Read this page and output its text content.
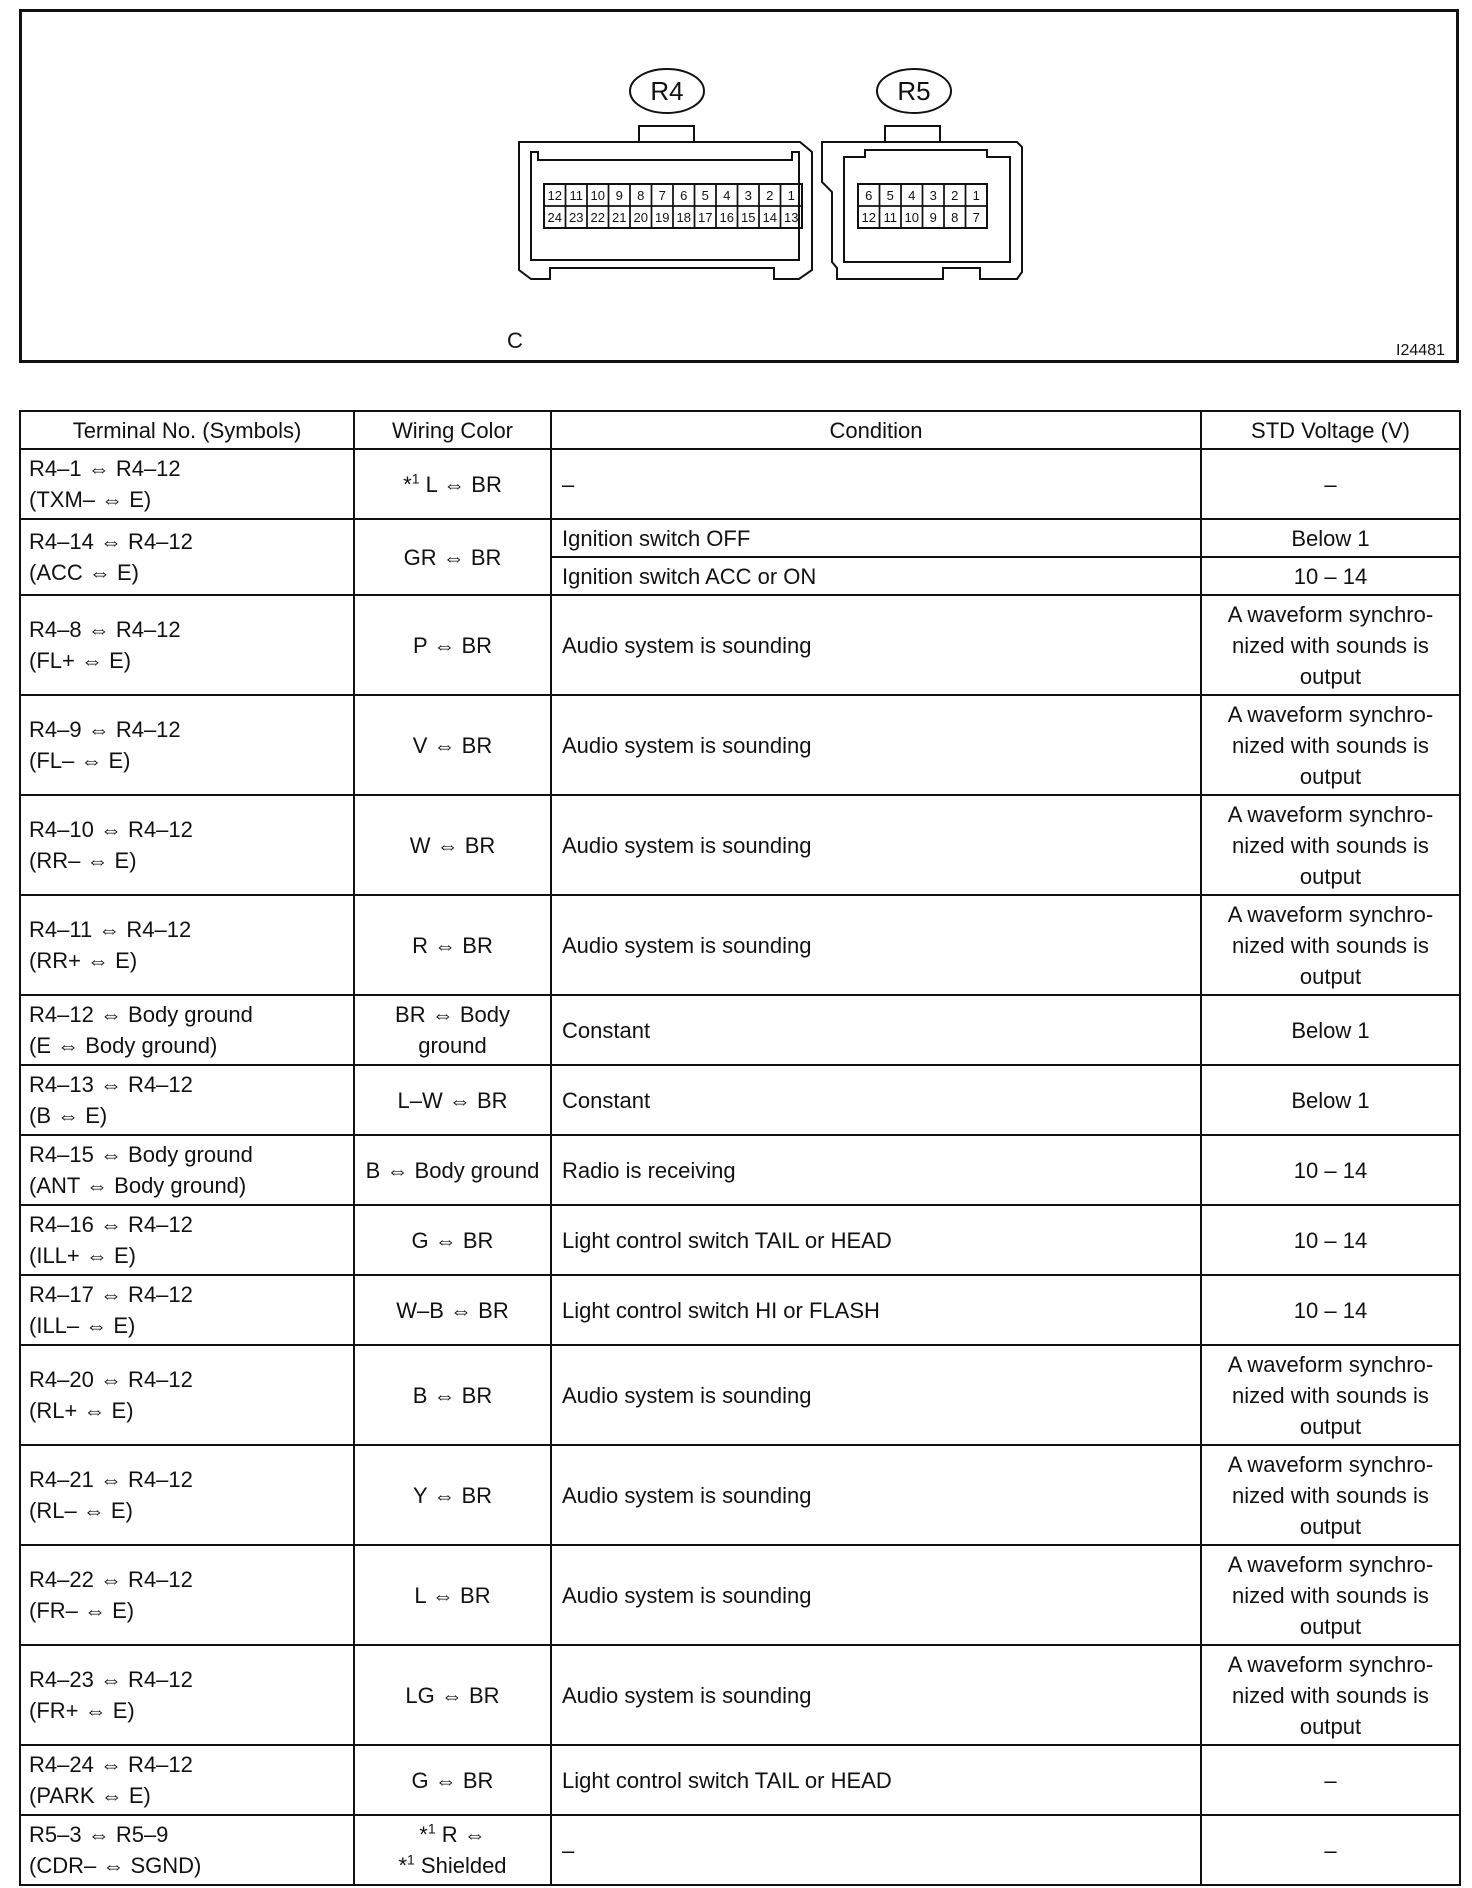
R4
12 11 10 9 8 7 6 5 4 3 2 1
24 23 22 21 20 19 18 17 16 15 14 13
R5
6 5 4 3 2 1
12 11 10 9 8 7
C	I24481
Terminal No. (Symbols)	Wiring Color	Condition	STD Voltage (V)

R4–1 ⇔ R4–12
(TXM– ⇔ E)	*$^1$ L ⇔ BR	–	–

R4–14 ⇔ R4–12
(ACC ⇔ E)	GR ⇔ BR	Ignition switch OFF	Below 1
		Ignition switch ACC or ON	10 – 14

R4–8 ⇔ R4–12
(FL+ ⇔ E)	P ⇔ BR	Audio system is sounding	A waveform synchro-
nized with sounds is
output

R4–9 ⇔ R4–12
(FL– ⇔ E)	V ⇔ BR	Audio system is sounding	A waveform synchro-
nized with sounds is
output

R4–10 ⇔ R4–12
(RR– ⇔ E)	W ⇔ BR	Audio system is sounding	A waveform synchro-
nized with sounds is
output

R4–11 ⇔ R4–12
(RR+ ⇔ E)	R ⇔ BR	Audio system is sounding	A waveform synchro-
nized with sounds is
output

R4–12 ⇔ Body ground
(E ⇔ Body ground)	BR ⇔ Body
ground	Constant	Below 1

R4–13 ⇔ R4–12
(B ⇔ E)	L–W ⇔ BR	Constant	Below 1

R4–15 ⇔ Body ground
(ANT ⇔ Body ground)	B ⇔ Body ground	Radio is receiving	10 – 14

R4–16 ⇔ R4–12
(ILL+ ⇔ E)	G ⇔ BR	Light control switch TAIL or HEAD	10 – 14

R4–17 ⇔ R4–12
(ILL– ⇔ E)	W–B ⇔ BR	Light control switch HI or FLASH	10 – 14

R4–20 ⇔ R4–12
(RL+ ⇔ E)	B ⇔ BR	Audio system is sounding	A waveform synchro-
nized with sounds is
output

R4–21 ⇔ R4–12
(RL– ⇔ E)	Y ⇔ BR	Audio system is sounding	A waveform synchro-
nized with sounds is
output

R4–22 ⇔ R4–12
(FR– ⇔ E)	L ⇔ BR	Audio system is sounding	A waveform synchro-
nized with sounds is
output

R4–23 ⇔ R4–12
(FR+ ⇔ E)	LG ⇔ BR	Audio system is sounding	A waveform synchro-
nized with sounds is
output

R4–24 ⇔ R4–12
(PARK ⇔ E)	G ⇔ BR	Light control switch TAIL or HEAD	–

R5–3 ⇔ R5–9
(CDR– ⇔ SGND)	*$^1$ R ⇔
*$^1$ Shielded	–	–
